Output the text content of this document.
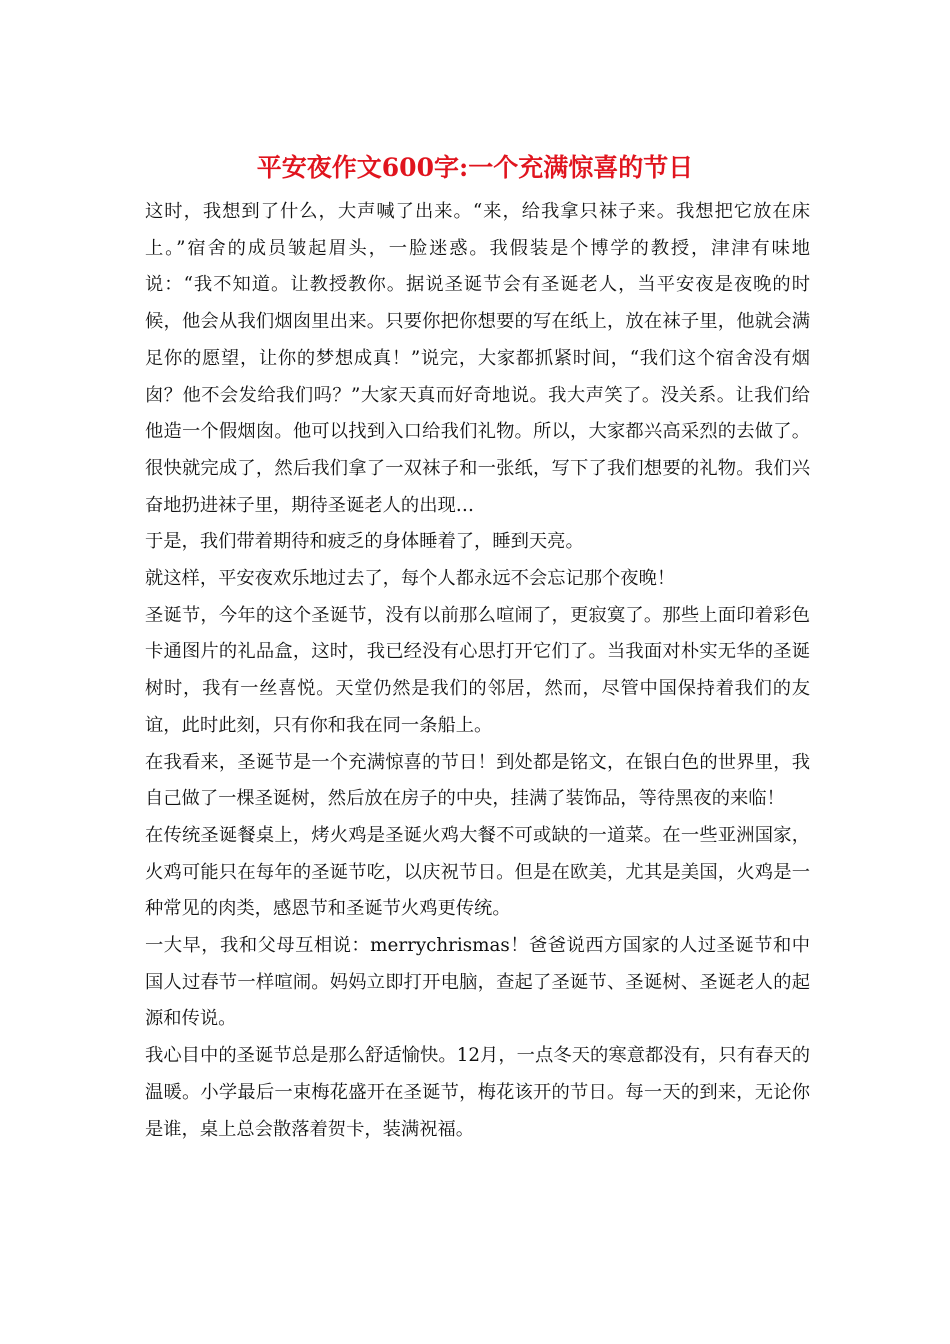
平安夜作文600字:一个充满惊喜的节日

这时，我想到了什么，大声喊了出来。“来，给我拿只袜子来。我想把它放在床上。”宿舍的成员皱起眉头，一脸迷惑。我假装是个博学的教授，津津有味地说：“我不知道。让教授教你。据说圣诞节会有圣诞老人，当平安夜是夜晚的时候，他会从我们烟囱里出来。只要你把你想要的写在纸上，放在袜子里，他就会满足你的愿望，让你的梦想成真！”说完，大家都抓紧时间，“我们这个宿舍没有烟囱？他不会发给我们吗？”大家天真而好奇地说。我大声笑了。没关系。让我们给他造一个假烟囱。他可以找到入口给我们礼物。所以，大家都兴高采烈的去做了。很快就完成了，然后我们拿了一双袜子和一张纸，写下了我们想要的礼物。我们兴奋地扔进袜子里，期待圣诞老人的出现…

于是，我们带着期待和疲乏的身体睡着了，睡到天亮。

就这样，平安夜欢乐地过去了，每个人都永远不会忘记那个夜晚！

圣诞节，今年的这个圣诞节，没有以前那么喧闹了，更寂寞了。那些上面印着彩色卡通图片的礼品盒，这时，我已经没有心思打开它们了。当我面对朴实无华的圣诞树时，我有一丝喜悦。天堂仍然是我们的邻居，然而，尽管中国保持着我们的友谊，此时此刻，只有你和我在同一条船上。

在我看来，圣诞节是一个充满惊喜的节日！到处都是铭文，在银白色的世界里，我自己做了一棵圣诞树，然后放在房子的中央，挂满了装饰品，等待黑夜的来临！

在传统圣诞餐桌上，烤火鸡是圣诞火鸡大餐不可或缺的一道菜。在一些亚洲国家，火鸡可能只在每年的圣诞节吃，以庆祝节日。但是在欧美，尤其是美国，火鸡是一种常见的肉类，感恩节和圣诞节火鸡更传统。

一大早，我和父母互相说：merrychrismas！爸爸说西方国家的人过圣诞节和中国人过春节一样喧闹。妈妈立即打开电脑，查起了圣诞节、圣诞树、圣诞老人的起源和传说。

我心目中的圣诞节总是那么舒适愉快。12月，一点冬天的寒意都没有，只有春天的温暖。小学最后一束梅花盛开在圣诞节，梅花该开的节日。每一天的到来，无论你是谁，桌上总会散落着贺卡，装满祝福。
